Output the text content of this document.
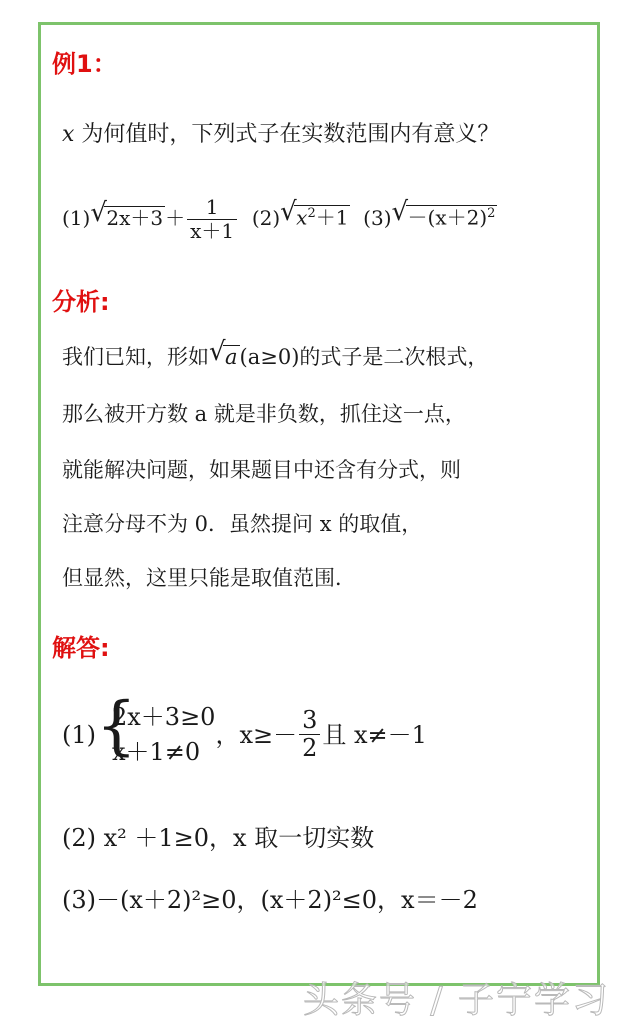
例1：
x 为何值时，下列式子在实数范围内有意义？
(1) √ $2x+3 + \frac{1}{x+1} (2)$ √ $x^2+1$ (3) √ $-(x+2)^2$
分析:
我们已知，形如 √ a(a≥0)的式子是二次根式，
那么被开方数 a 就是非负数，抓住这一点，
就能解决问题，如果题目中还含有分式，则
注意分母不为 0．虽然提问 x 的取值，
但显然，这里只能是取值范围．
解答:
(1) {
2x＋3≥0
x＋1≠0
，$x\ge- \frac{3}{2}$ 且 x≠－1
(2) x² ＋1≥0，x 取一切实数
(3)－(x＋2)²≥0，(x＋2)²≤0，x＝－2
头条号 / 子宁学习
